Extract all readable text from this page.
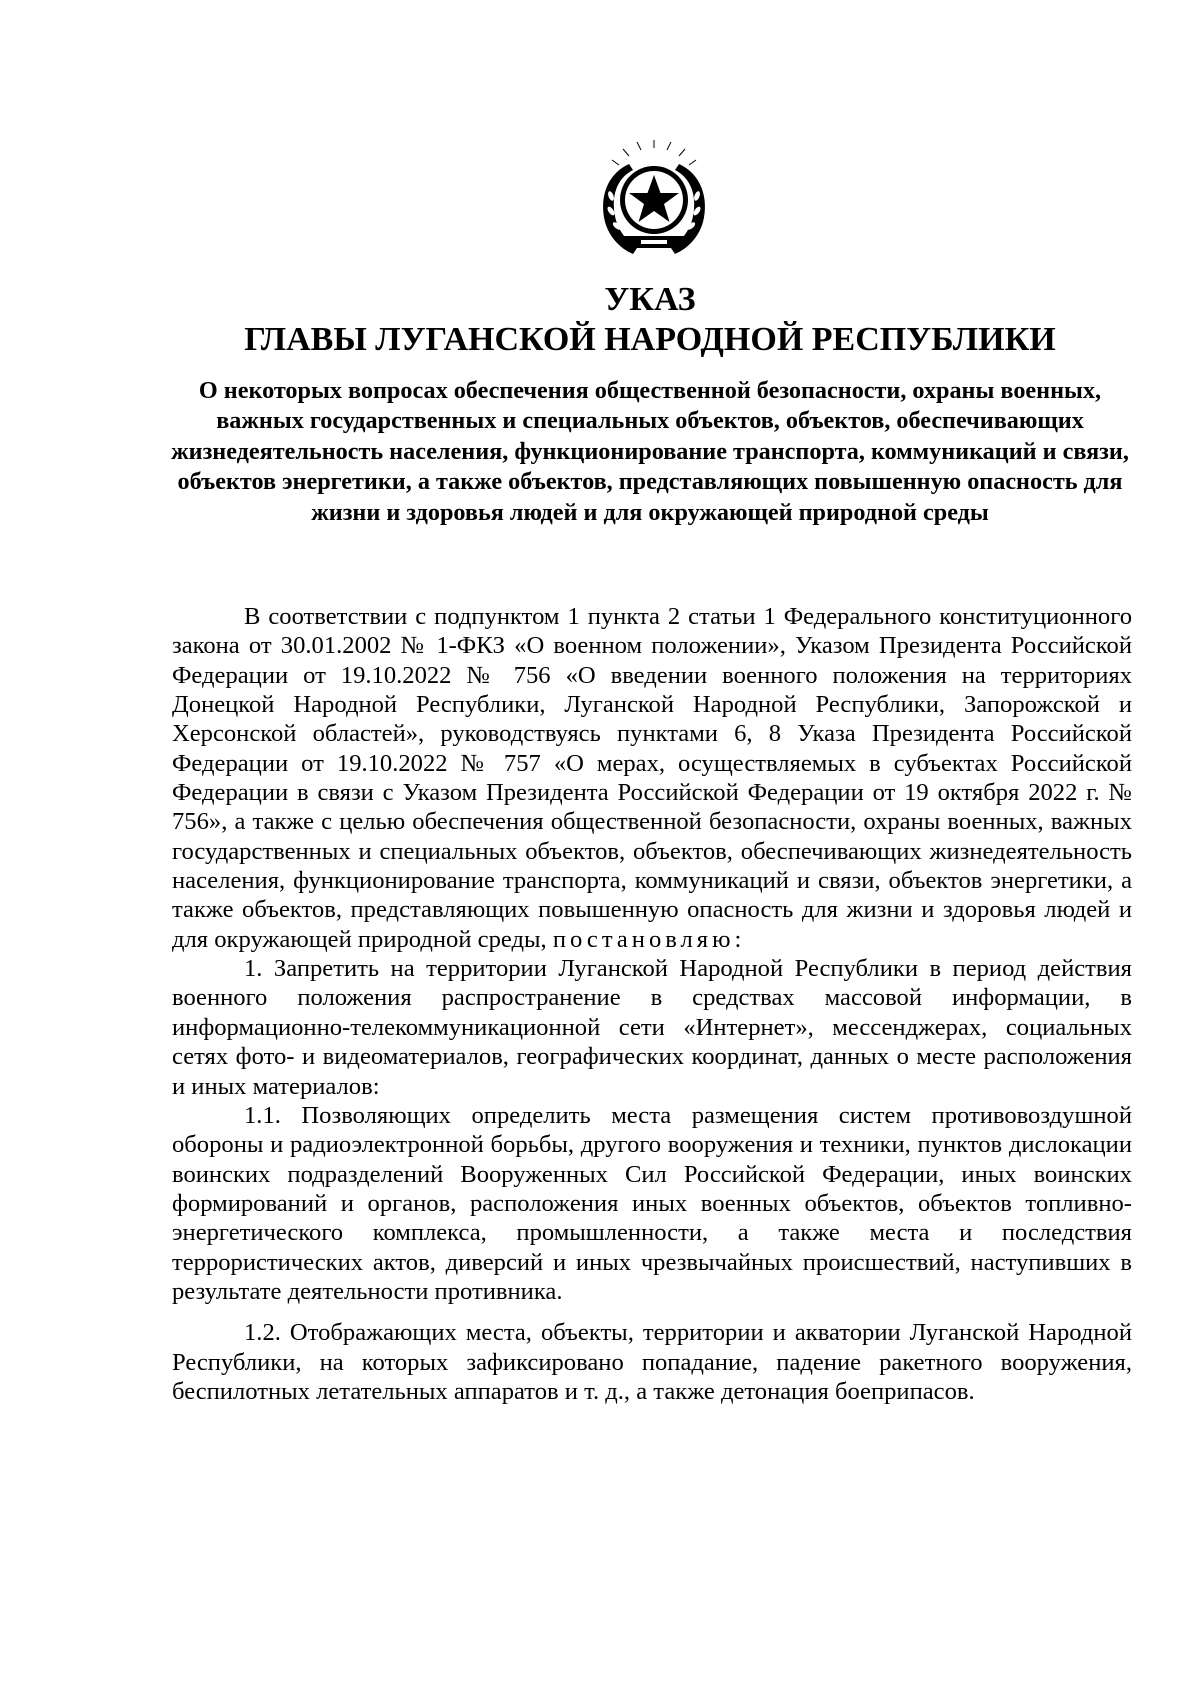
УКАЗ

ГЛАВЫ ЛУГАНСКОЙ НАРОДНОЙ РЕСПУБЛИКИ

О некоторых вопросах обеспечения общественной безопасности, охраны военных, важных государственных и специальных объектов, объектов, обеспечивающих жизнедеятельность населения, функционирование транспорта, коммуникаций и связи, объектов энергетики, а также объектов, представляющих повышенную опасность для жизни и здоровья людей и для окружающей природной среды

В соответствии с подпунктом 1 пункта 2 статьи 1 Федерального конституционного закона от 30.01.2002 № 1-ФКЗ «О военном положении», Указом Президента Российской Федерации от 19.10.2022 № 756 «О введении военного положения на территориях Донецкой Народной Республики, Луганской Народной Республики, Запорожской и Херсонской областей», руководствуясь пунктами 6, 8 Указа Президента Российской Федерации от 19.10.2022 № 757 «О мерах, осуществляемых в субъектах Российской Федерации в связи с Указом Президента Российской Федерации от 19 октября 2022 г. № 756», а также с целью обеспечения общественной безопасности, охраны военных, важных государственных и специальных объектов, объектов, обеспечивающих жизнедеятельность населения, функционирование транспорта, коммуникаций и связи, объектов энергетики, а также объектов, представляющих повышенную опасность для жизни и здоровья людей и для окружающей природной среды, постановляю:

1. Запретить на территории Луганской Народной Республики в период действия военного положения распространение в средствах массовой информации, в информационно-телекоммуникационной сети «Интернет», мессенджерах, социальных сетях фото- и видеоматериалов, географических координат, данных о месте расположения и иных материалов:

1.1. Позволяющих определить места размещения систем противовоздушной обороны и радиоэлектронной борьбы, другого вооружения и техники, пунктов дислокации воинских подразделений Вооруженных Сил Российской Федерации, иных воинских формирований и органов, расположения иных военных объектов, объектов топливно-энергетического комплекса, промышленности, а также места и последствия террористических актов, диверсий и иных чрезвычайных происшествий, наступивших в результате деятельности противника.

1.2. Отображающих места, объекты, территории и акватории Луганской Народной Республики, на которых зафиксировано попадание, падение ракетного вооружения, беспилотных летательных аппаратов и т. д., а также детонация боеприпасов.
